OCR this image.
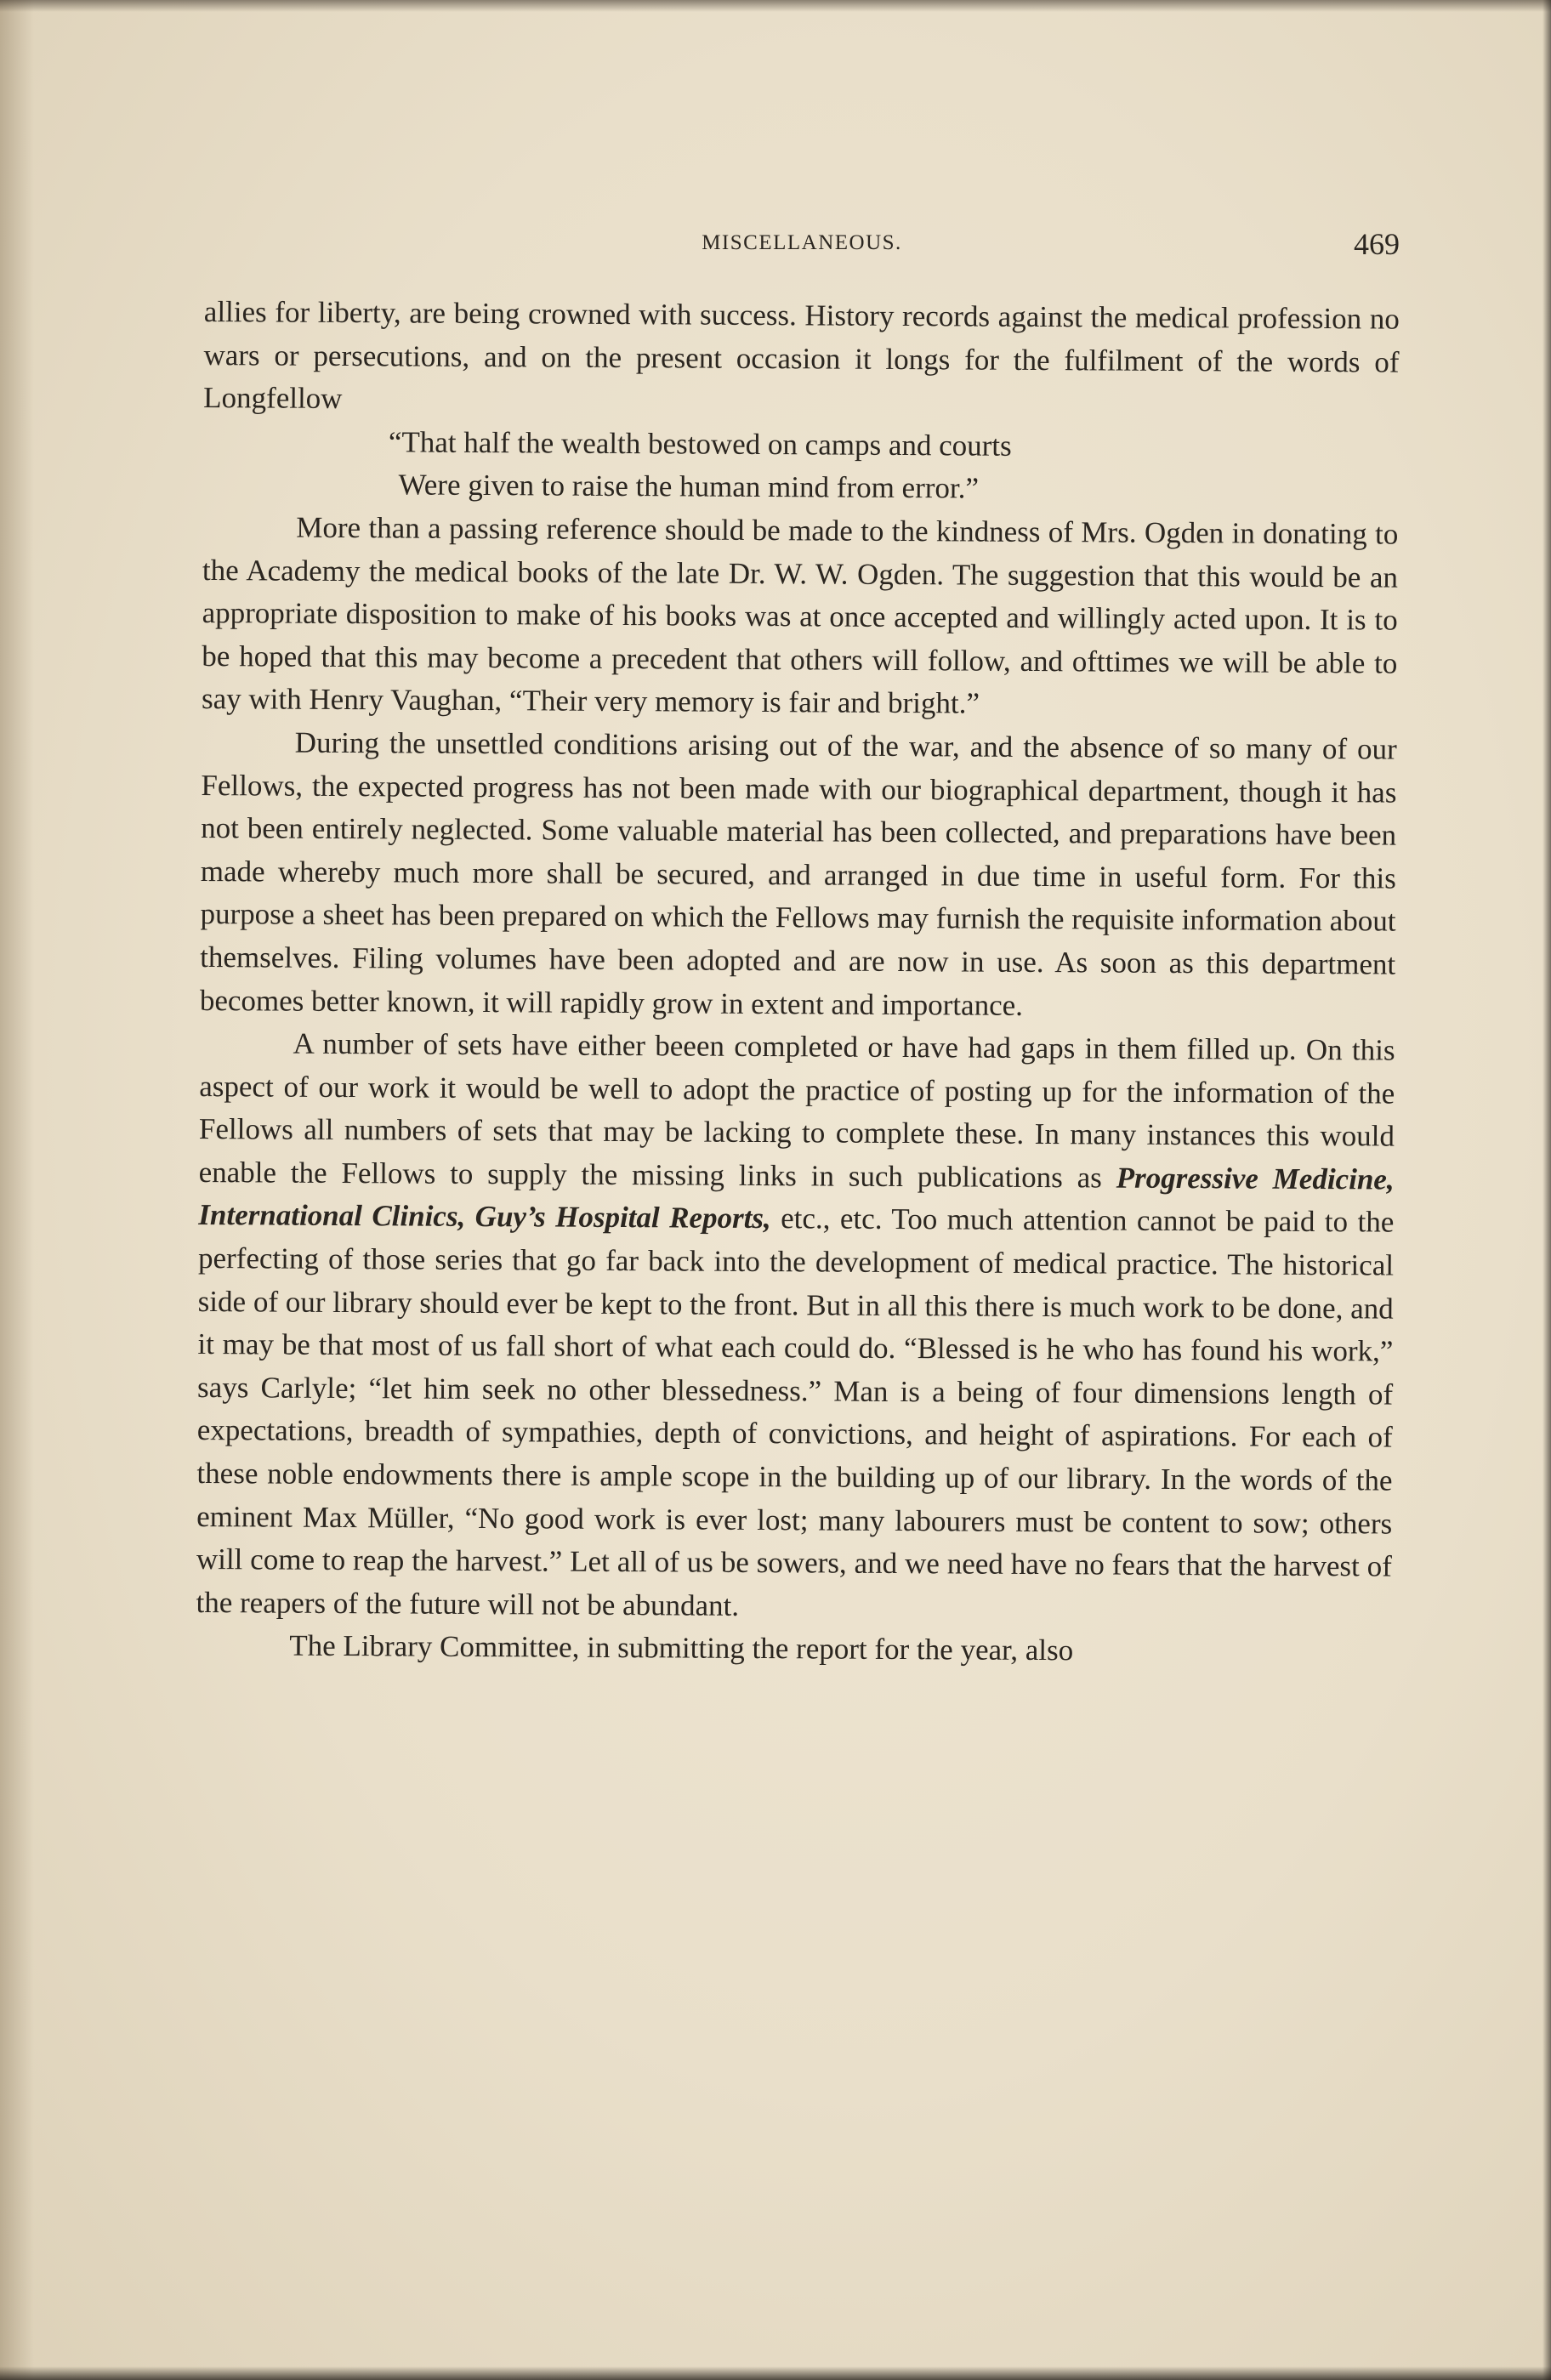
MISCELLANEOUS.	469

allies for liberty, are being crowned with success. History records against the medical profession no wars or persecutions, and on the present occasion it longs for the fulfilment of the words of Longfellow

“That half the wealth bestowed on camps and courts
Were given to raise the human mind from error.”

More than a passing reference should be made to the kindness of Mrs. Ogden in donating to the Academy the medical books of the late Dr. W. W. Ogden. The suggestion that this would be an appropriate disposition to make of his books was at once accepted and willingly acted upon. It is to be hoped that this may become a precedent that others will follow, and ofttimes we will be able to say with Henry Vaughan, “Their very memory is fair and bright.”

During the unsettled conditions arising out of the war, and the absence of so many of our Fellows, the expected progress has not been made with our biographical department, though it has not been entirely neglected. Some valuable material has been collected, and preparations have been made whereby much more shall be secured, and arranged in due time in useful form. For this purpose a sheet has been prepared on which the Fellows may furnish the requisite information about themselves. Filing volumes have been adopted and are now in use. As soon as this department becomes better known, it will rapidly grow in extent and importance.

A number of sets have either beeen completed or have had gaps in them filled up. On this aspect of our work it would be well to adopt the practice of posting up for the information of the Fellows all numbers of sets that may be lacking to complete these. In many instances this would enable the Fellows to supply the missing links in such publications as Progressive Medicine, International Clinics, Guy’s Hospital Reports, etc., etc. Too much attention cannot be paid to the perfecting of those series that go far back into the development of medical practice. The historical side of our library should ever be kept to the front. But in all this there is much work to be done, and it may be that most of us fall short of what each could do. “Blessed is he who has found his work,” says Carlyle; “let him seek no other blessedness.” Man is a being of four dimensions length of expectations, breadth of sympathies, depth of convictions, and height of aspirations. For each of these noble endowments there is ample scope in the building up of our library. In the words of the eminent Max Müller, “No good work is ever lost; many labourers must be content to sow; others will come to reap the harvest.” Let all of us be sowers, and we need have no fears that the harvest of the reapers of the future will not be abundant.

The Library Committee, in submitting the report for the year, also
